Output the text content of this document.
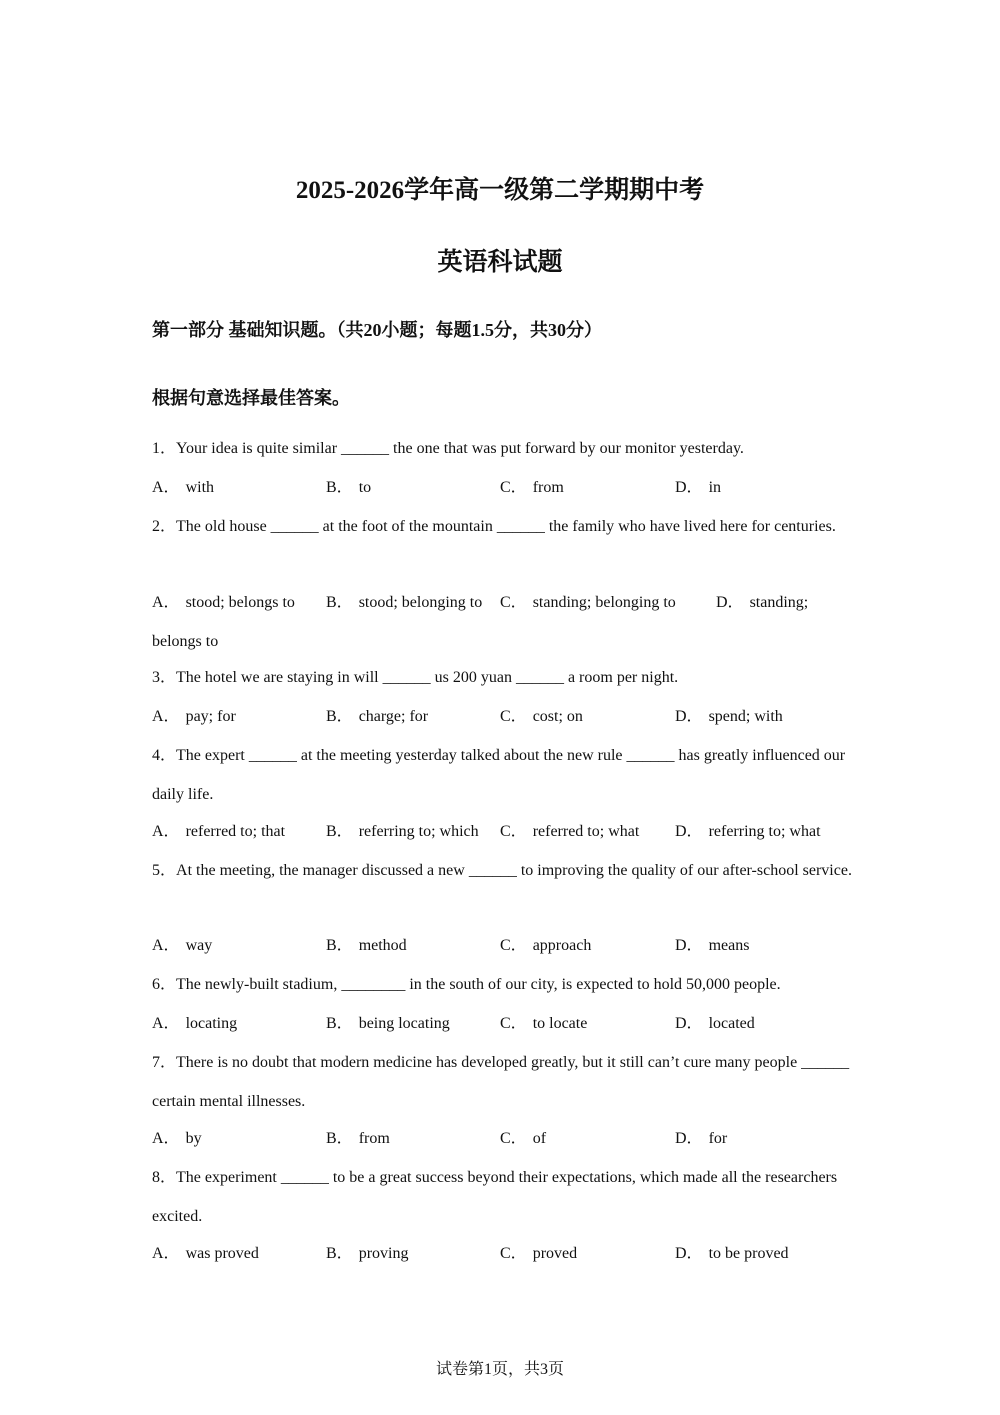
2025-2026学年高一级第二学期期中考
英语科试题

第一部分 基础知识题。（共20小题；每题1.5分，共30分）

根据句意选择最佳答案。

1．Your idea is quite similar ______ the one that was put forward by our monitor yesterday.

A． with	B． to	C． from	D． in

2．The old house ______ at the foot of the mountain ______ the family who have lived here for centuries.

A． stood; belongs to B． stood; belonging to C． standing; belonging to	D． standing;

belongs to

3．The hotel we are staying in will ______ us 200 yuan ______ a room per night.

A． pay; for	B． charge; for	C． cost; on	D． spend; with

4．The expert ______ at the meeting yesterday talked about the new rule ______ has greatly influenced our daily life.

A． referred to; that	B． referring to; which C． referred to; what D． referring to; what

5．At the meeting, the manager discussed a new ______ to improving the quality of our after-school service.

A． way	B． method	C． approach	D． means

6．The newly-built stadium, ________ in the south of our city, is expected to hold 50,000 people.

A． locating	B． being locating	C． to locate	D． located

7．There is no doubt that modern medicine has developed greatly, but it still can’t cure many people ______ certain mental illnesses.

A． by	B． from	C． of	D． for

8．The experiment ______ to be a great success beyond their expectations, which made all the researchers excited.

A． was proved	B． proving	C． proved	D． to be proved

试卷第1页，共3页
